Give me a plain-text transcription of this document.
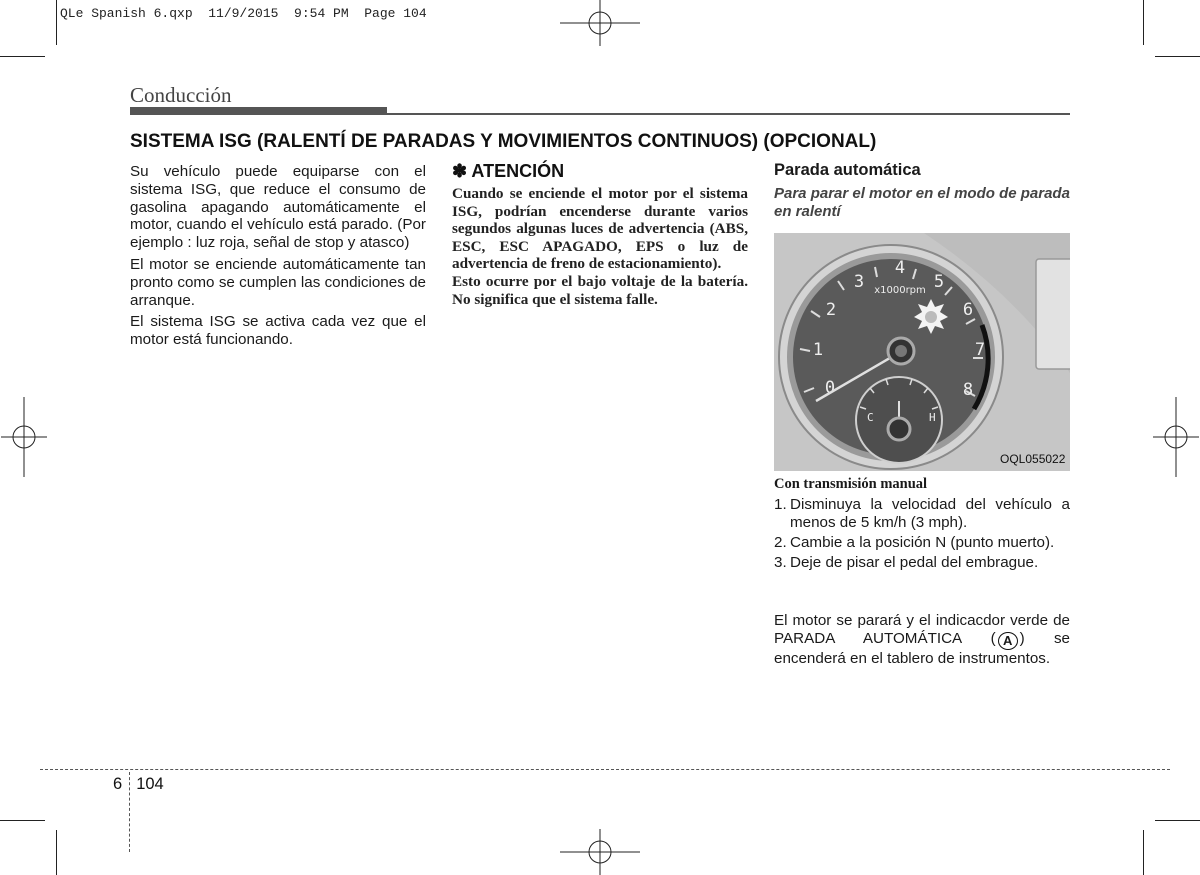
QLe Spanish 6.qxp  11/9/2015  9:54 PM  Page 104
Conducción
SISTEMA ISG (RALENTÍ DE PARADAS Y MOVIMIENTOS CONTINUOS) (OPCIONAL)

Su vehículo puede equiparse con el sistema ISG, que reduce el consumo de gasolina apagando automáticamente el motor, cuando el vehículo está parado. (Por ejemplo : luz roja, señal de stop y atasco)

El motor se enciende automáticamente tan pronto como se cumplen las condiciones de arranque.

El sistema ISG se activa cada vez que el motor está funcionando.

✽ ATENCIÓN

Cuando se enciende el motor por el sistema ISG, podrían encenderse durante varios segundos algunas luces de advertencia (ABS, ESC, ESC APAGADO, EPS o luz de advertencia de freno de estacionamiento).

Esto ocurre por el bajo voltaje de la batería. No significa que el sistema falle.

Parada automática

Para parar el motor en el modo de parada en ralentí

0
1
2
3
4
5
6
7
8
x1000rpm
C	H
OQL055022
Con transmisión manual
1. Disminuya la velocidad del vehículo a menos de 5 km/h (3 mph).
2. Cambie a la posición N (punto muerto).
3. Deje de pisar el pedal del embrague.
El motor se parará y el indicacdor verde de PARADA AUTOMÁTICA ( A ) se encenderá en el tablero de instrumentos.
6 104
